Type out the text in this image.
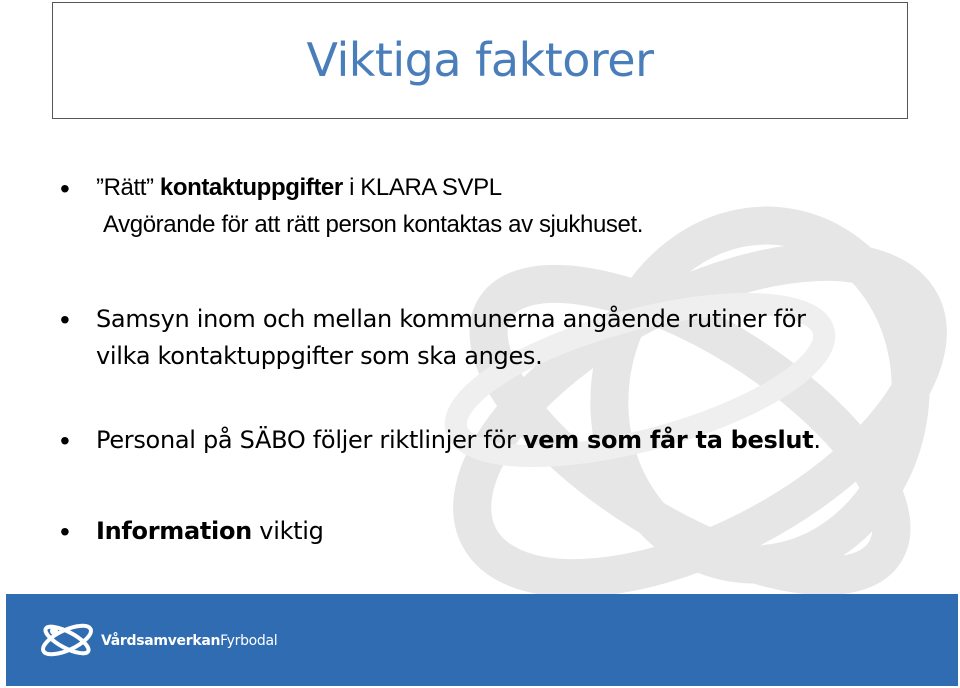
Viktiga faktorer
• ”Rätt” kontaktuppgifter i KLARA SVPL
Avgörande för att rätt person kontaktas av sjukhuset.
• Samsyn inom och mellan kommunerna angående rutiner för
vilka kontaktuppgifter som ska anges.
• Personal på SÄBO följer riktlinjer för vem som får ta beslut.
• Information viktig
VårdsamverkanFyrbodal
